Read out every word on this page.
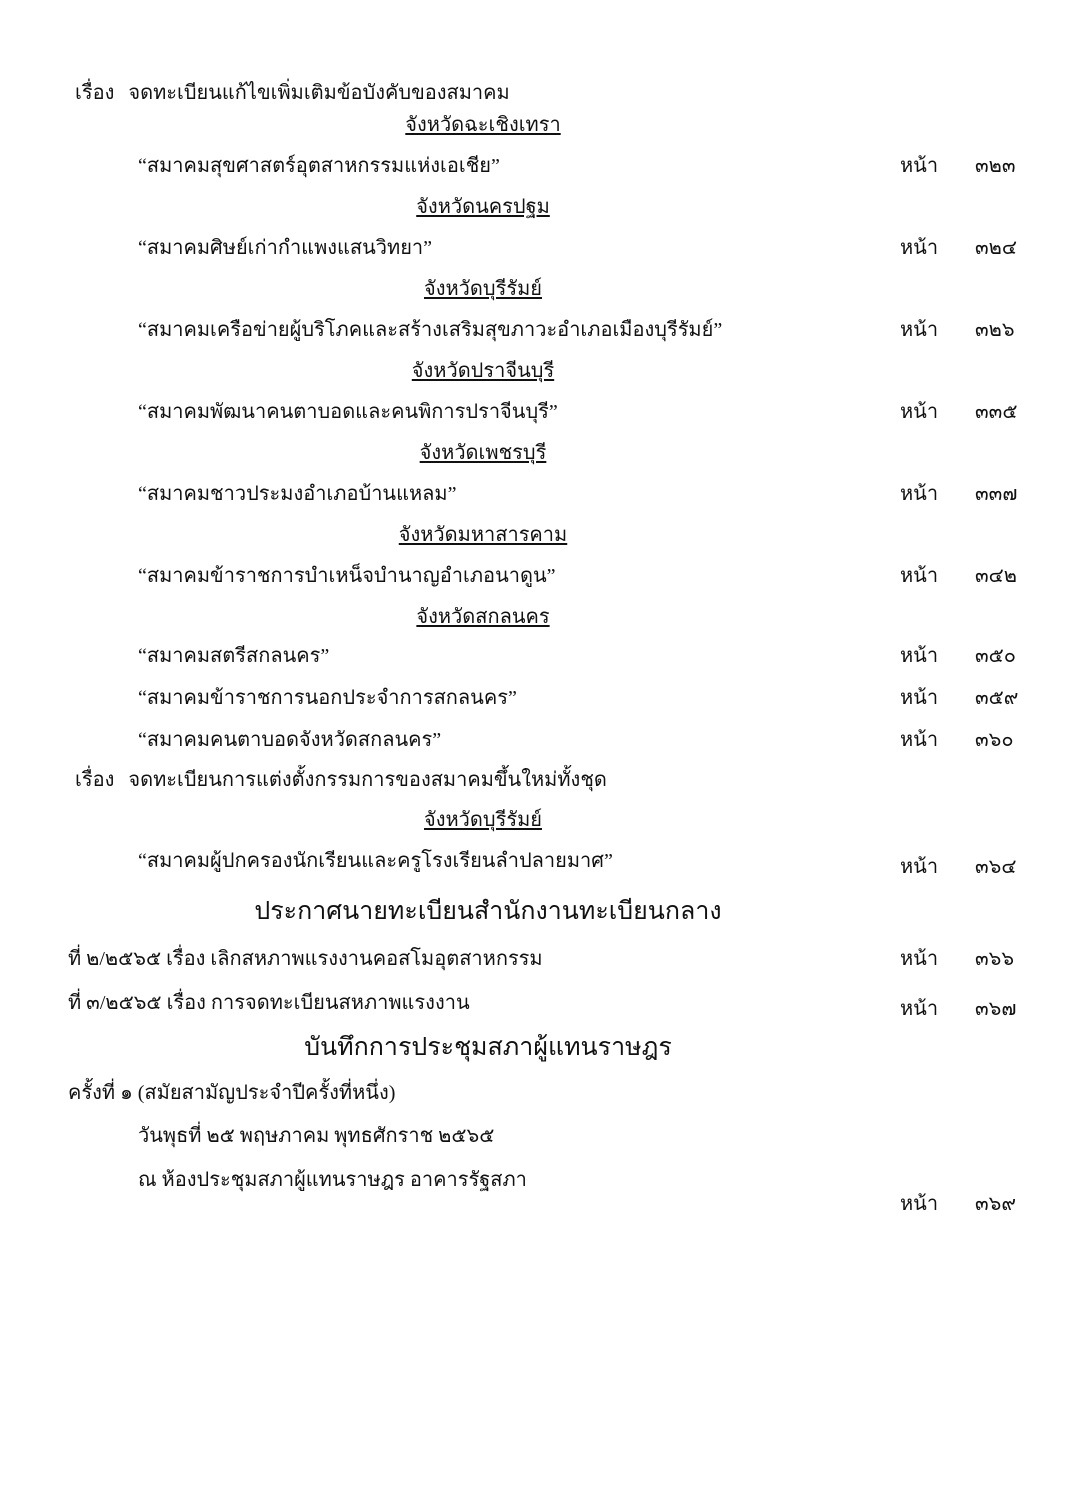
เรื่อง จดทะเบียนแก้ไขเพิ่มเติมข้อบังคับของสมาคม
จังหวัดฉะเชิงเทรา
“สมาคมสุขศาสตร์อุตสาหกรรมแห่งเอเชีย”	หน้า ๓๒๓
จังหวัดนครปฐม
“สมาคมศิษย์เก่ากำแพงแสนวิทยา”	หน้า ๓๒๔
จังหวัดบุรีรัมย์
“สมาคมเครือข่ายผู้บริโภคและสร้างเสริมสุขภาวะอำเภอเมืองบุรีรัมย์”	หน้า ๓๒๖
จังหวัดปราจีนบุรี
“สมาคมพัฒนาคนตาบอดและคนพิการปราจีนบุรี”	หน้า ๓๓๕
จังหวัดเพชรบุรี
“สมาคมชาวประมงอำเภอบ้านแหลม”	หน้า ๓๓๗
จังหวัดมหาสารคาม
“สมาคมข้าราชการบำเหน็จบำนาญอำเภอนาดูน”	หน้า ๓๔๒
จังหวัดสกลนคร
“สมาคมสตรีสกลนคร”	หน้า ๓๕๐
“สมาคมข้าราชการนอกประจำการสกลนคร”	หน้า ๓๕๙
“สมาคมคนตาบอดจังหวัดสกลนคร”	หน้า ๓๖๐
เรื่อง จดทะเบียนการแต่งตั้งกรรมการของสมาคมขึ้นใหม่ทั้งชุด
จังหวัดบุรีรัมย์
“สมาคมผู้ปกครองนักเรียนและครูโรงเรียนลำปลายมาศ”	หน้า ๓๖๔
ประกาศนายทะเบียนสำนักงานทะเบียนกลาง
ที่ ๒/๒๕๖๕ เรื่อง เลิกสหภาพแรงงานคอสโมอุตสาหกรรม	หน้า ๓๖๖
ที่ ๓/๒๕๖๕ เรื่อง การจดทะเบียนสหภาพแรงงาน	หน้า ๓๖๗
บันทึกการประชุมสภาผู้แทนราษฎร
ครั้งที่ ๑ (สมัยสามัญประจำปีครั้งที่หนึ่ง)
วันพุธที่ ๒๕ พฤษภาคม พุทธศักราช ๒๕๖๕
ณ ห้องประชุมสภาผู้แทนราษฎร อาคารรัฐสภา
หน้า ๓๖๙
